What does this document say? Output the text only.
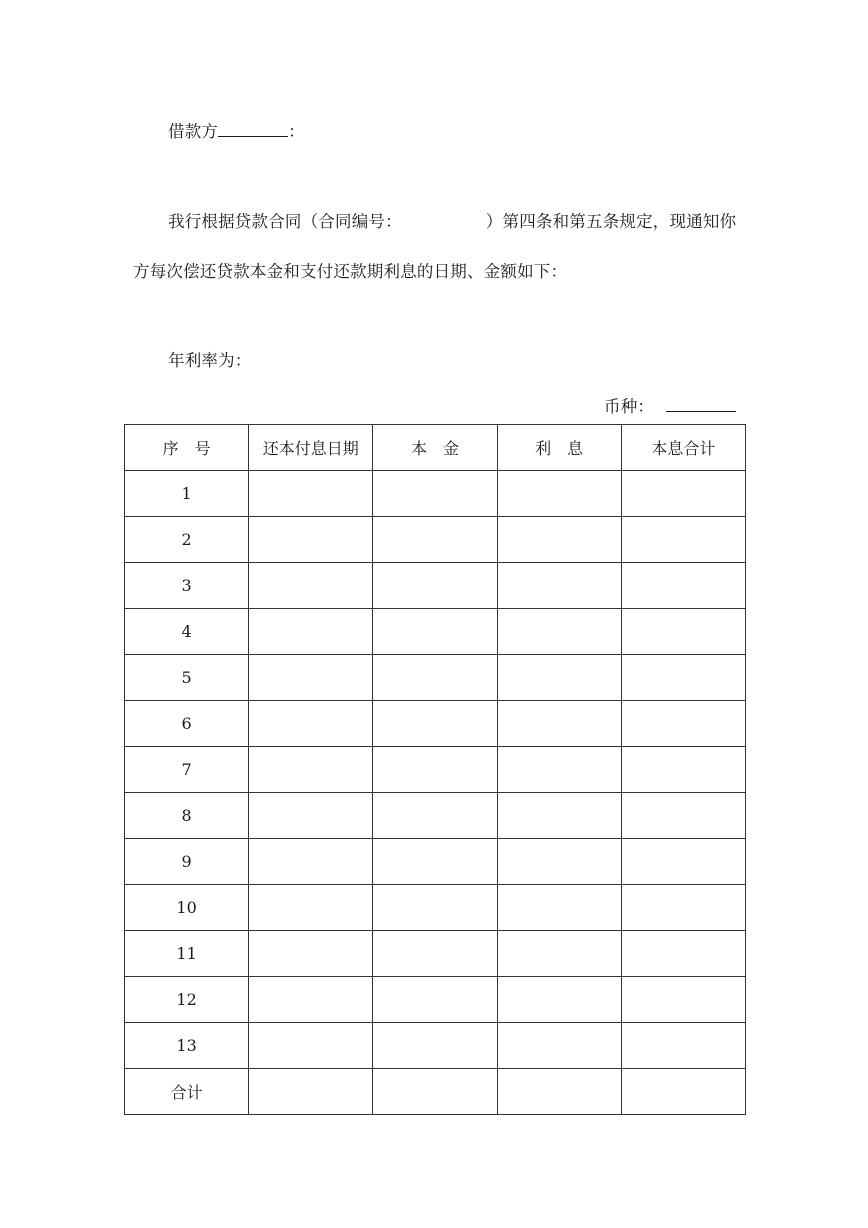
借款方	：
我行根据贷款合同（合同编号：	）第四条和第五条规定，现通知你
方每次偿还贷款本金和支付还款期利息的日期、金额如下：
年利率为：
币种：
序　号	还本付息日期	本　金	利　息	本息合计
1				
2				
3				
4				
5				
6				
7				
8				
9				
10				
11				
12				
13				
合计				
